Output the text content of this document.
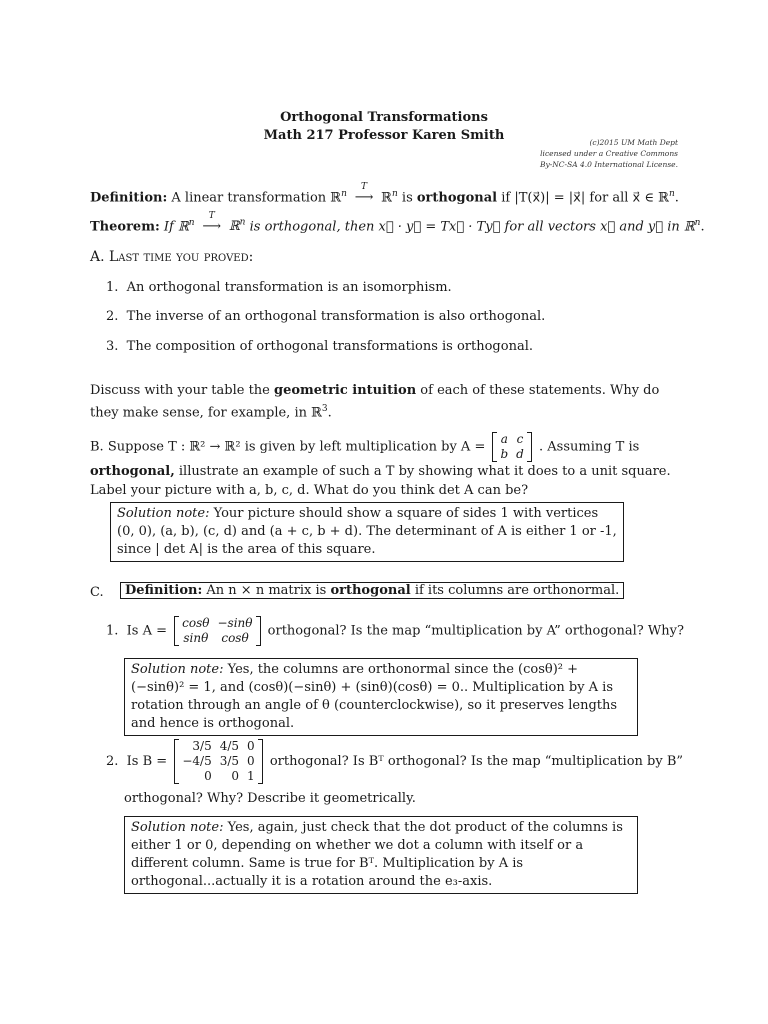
Orthogonal Transformations
Math 217 Professor Karen Smith	(c)2015 UM Math Dept
licensed under a Creative Commons
By-NC-SA 4.0 International License.
Definition: A linear transformation ℝ$^n$
T
⟶ ℝ$^n$ is orthogonal if |T(x⃗)| = |x⃗| for all x⃗ ∈ ℝ$^n$.
Theorem: If ℝ$^n$
T
⟶ ℝ$^n$ is orthogonal, then x⃗ · y⃗ = Tx⃗ · Ty⃗ for all vectors x⃗ and y⃗ in ℝ$^n$.
A. Last time you proved:
1.  An orthogonal transformation is an isomorphism.
2.  The inverse of an orthogonal transformation is also orthogonal.
3.  The composition of orthogonal transformations is orthogonal.
Discuss with your table the geometric intuition of each of these statements. Why do they make sense, for example, in ℝ$^3$.
B. Suppose T : ℝ² → ℝ² is given by left multiplication by A =
a	c
b	d . Assuming T is orthogonal, illustrate an example of such a T by showing what it does to a unit square. Label your picture with a, b, c, d. What do you think det A can be?
Solution note: Your picture should show a square of sides 1 with vertices (0, 0), (a, b), (c, d) and (a + c, b + d). The determinant of A is either 1 or -1, since | det A| is the area of this square.
C.	Definition: An n × n matrix is orthogonal if its columns are orthonormal.
1. Is A =
cosθ	−sinθ
sinθ	cosθ orthogonal? Is the map “multiplication by A” orthogonal? Why?
Solution note: Yes, the columns are orthonormal since the (cosθ)² + (−sinθ)² = 1, and (cosθ)(−sinθ) + (sinθ)(cosθ) = 0.. Multiplication by A is rotation through an angle of θ (counterclockwise), so it preserves lengths and hence is orthogonal.
2. Is B =
3/5	4/5	0
−4/5	3/5	0
0	0	1
orthogonal? Is Bᵀ orthogonal? Is the map “multiplication by B”
orthogonal? Why? Describe it geometrically.
Solution note: Yes, again, just check that the dot product of the columns is either 1 or 0, depending on whether we dot a column with itself or a different column. Same is true for Bᵀ. Multiplication by A is orthogonal...actually it is a rotation around the e₃-axis.
